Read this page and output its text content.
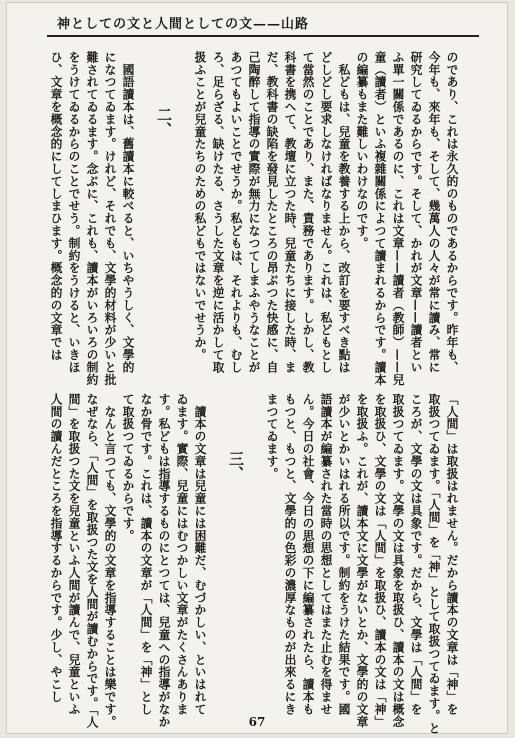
神としての文と人間としての文——山路
のであり、これは永久的のものであるからです。昨年も、
今年も、來年も、そして、幾萬人の人々が常に讀み、常に
研究してゐるからです。そして、かれが文章——讀者とい
ふ單一關係であるのに、これは文章——讀者（教師）——兒
童（讀者）といふ複雜關係によつて讀まれるからです。讀本
の編纂もまた難しいわけなのです。
　私どもは、兒童を教養する上から、改訂を要すべき點は
どしどし要求しなければなりません。これは、私どもとし
て當然のことであり、また、責務であります。しかし、教
科書を携へて、教壇に立つた時、兒童たちに接した時、ま
だ、教科書の缺陷を發見したところの昂ぶつた快感に、自
己陶醉して指導の實際が無力になつてしまふやうなことが
あつてもよいことでせうか。私どもは、それよりも、むし
ろ、足らざる、缺けたる、さうした文章を逆に活かして取
扱ふことが兒童たちのための私どもではないでせうか。
二、
　國語讀本は、舊讀本に較べると、いちやうしく、文學的
になつてゐます。けれど、それでも、文學的材料が少いと批
難されてゐるます。念ぶに、これも、讀本がいろいろの制約
をうけてゐるからのことでせう。制約をうけると、いきほ
ひ、文章を概念的にしてしまひます。概念的の文章では
「人間」は取扱はれません。だから讀本の文章は「神」を
取扱つてゐます。「人間」を「神」として取扱つてゐます。と
ころが、文學の文は具象です。だから、文學は「人間」を
取扱つてゐます。文學の文は具象を取扱ひ、讀本の文は概念
を取扱ひ、文學の文は「人間」を取扱ひ、讀本の文は「神」
を取扱ふ。これが、讀本文に文學がないとか、文學的の文章
が少いとかいはれる所以です。制約をうけた結果です。國
語讀本が編纂された當時の思想としてはまた止むを得ませ
ん。今日の社會、今日の思想の下に編纂されたら、讀本も
もつと、もつと、文學的の色彩の濃厚なものが出來るにき
まつてゐます。
三、
　讀本の文章は兒童には困難だ、むづかしい、といはれて
ゐます。實際、兒童にはむつかしい文章がたくさんありま
す。私どもは指導するものにとつては、兒童への指導がなか
なか骨です。これは、讀本の文章が「人間」を「神」とし
て取扱つてゐるからです。
　なんと言つても、文學的の文章を指導することは樂です。
なぜなら、「人間」を取扱つた文を人間が讀むからです。「人
間」を取扱つた文を兒童といふ人間が讀んで、兒童といふ
人間の讀んだところを指導するからです。少し、やこし
67
